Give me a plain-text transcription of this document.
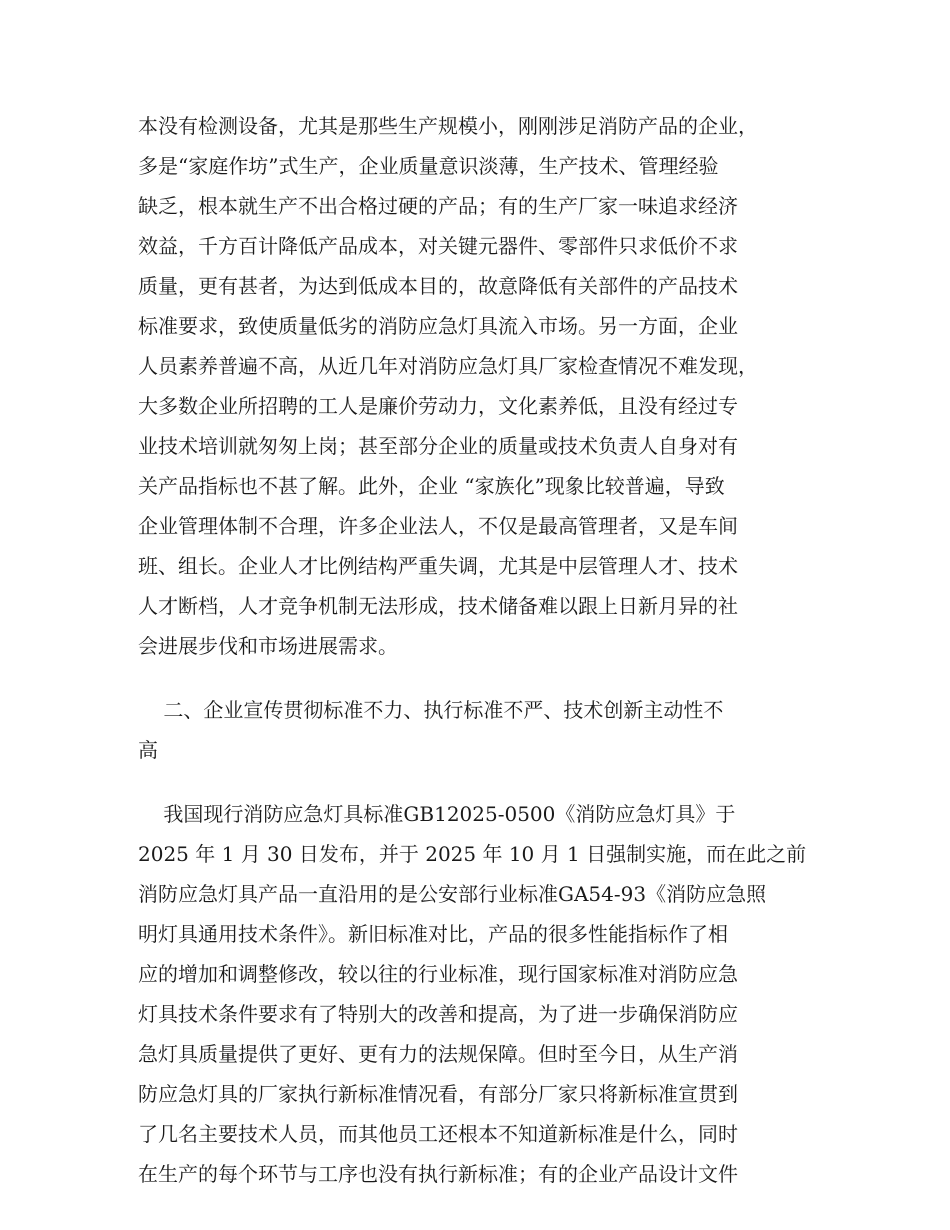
本没有检测设备，尤其是那些生产规模小，刚刚涉足消防产品的企业，
多是“家庭作坊”式生产，企业质量意识淡薄，生产技术、管理经验
缺乏，根本就生产不出合格过硬的产品；有的生产厂家一味追求经济
效益，千方百计降低产品成本，对关键元器件、零部件只求低价不求
质量，更有甚者，为达到低成本目的，故意降低有关部件的产品技术
标准要求，致使质量低劣的消防应急灯具流入市场。另一方面，企业
人员素养普遍不高，从近几年对消防应急灯具厂家检查情况不难发现，
大多数企业所招聘的工人是廉价劳动力，文化素养低，且没有经过专
业技术培训就匆匆上岗；甚至部分企业的质量或技术负责人自身对有
关产品指标也不甚了解。此外，企业 “家族化”现象比较普遍，导致
企业管理体制不合理，许多企业法人，不仅是最高管理者，又是车间
班、组长。企业人才比例结构严重失调，尤其是中层管理人才、技术
人才断档，人才竞争机制无法形成，技术储备难以跟上日新月异的社
会进展步伐和市场进展需求。
二、企业宣传贯彻标准不力、执行标准不严、技术创新主动性不
高
我国现行消防应急灯具标准GB12025-0500《消防应急灯具》于
2025 年 1 月 30 日发布，并于 2025 年 10 月 1 日强制实施，而在此之前
消防应急灯具产品一直沿用的是公安部行业标准GA54-93《消防应急照
明灯具通用技术条件》。新旧标准对比，产品的很多性能指标作了相
应的增加和调整修改，较以往的行业标准，现行国家标准对消防应急
灯具技术条件要求有了特别大的改善和提高，为了进一步确保消防应
急灯具质量提供了更好、更有力的法规保障。但时至今日，从生产消
防应急灯具的厂家执行新标准情况看，有部分厂家只将新标准宣贯到
了几名主要技术人员，而其他员工还根本不知道新标准是什么，同时
在生产的每个环节与工序也没有执行新标准；有的企业产品设计文件
